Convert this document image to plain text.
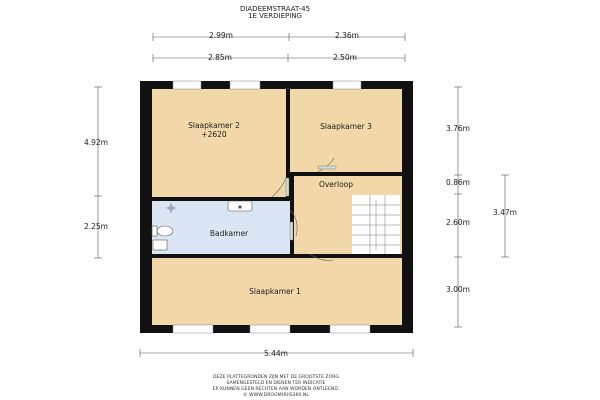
DIADEEMSTRAAT-45
1E VERDIEPING
2.99m	2.36m
2.85m	2.50m
4.92m
2.25m
3.76m
0.86m
2.60m
3.00m
3.47m
5.44m
Slaapkamer 2
+2620
Slaapkamer 3
Overloop
Badkamer
Slaapkamer 1
DEZE PLATTEGRONDEN ZIJN MET DE GROOTSTE ZORG
SAMENGESTELD EN DIENEN TER INDICATIE
ER KUNNEN GEEN RECHTEN AAN WORDEN ONTLEEND.
© WWW.DROOMHUIS360.NL
